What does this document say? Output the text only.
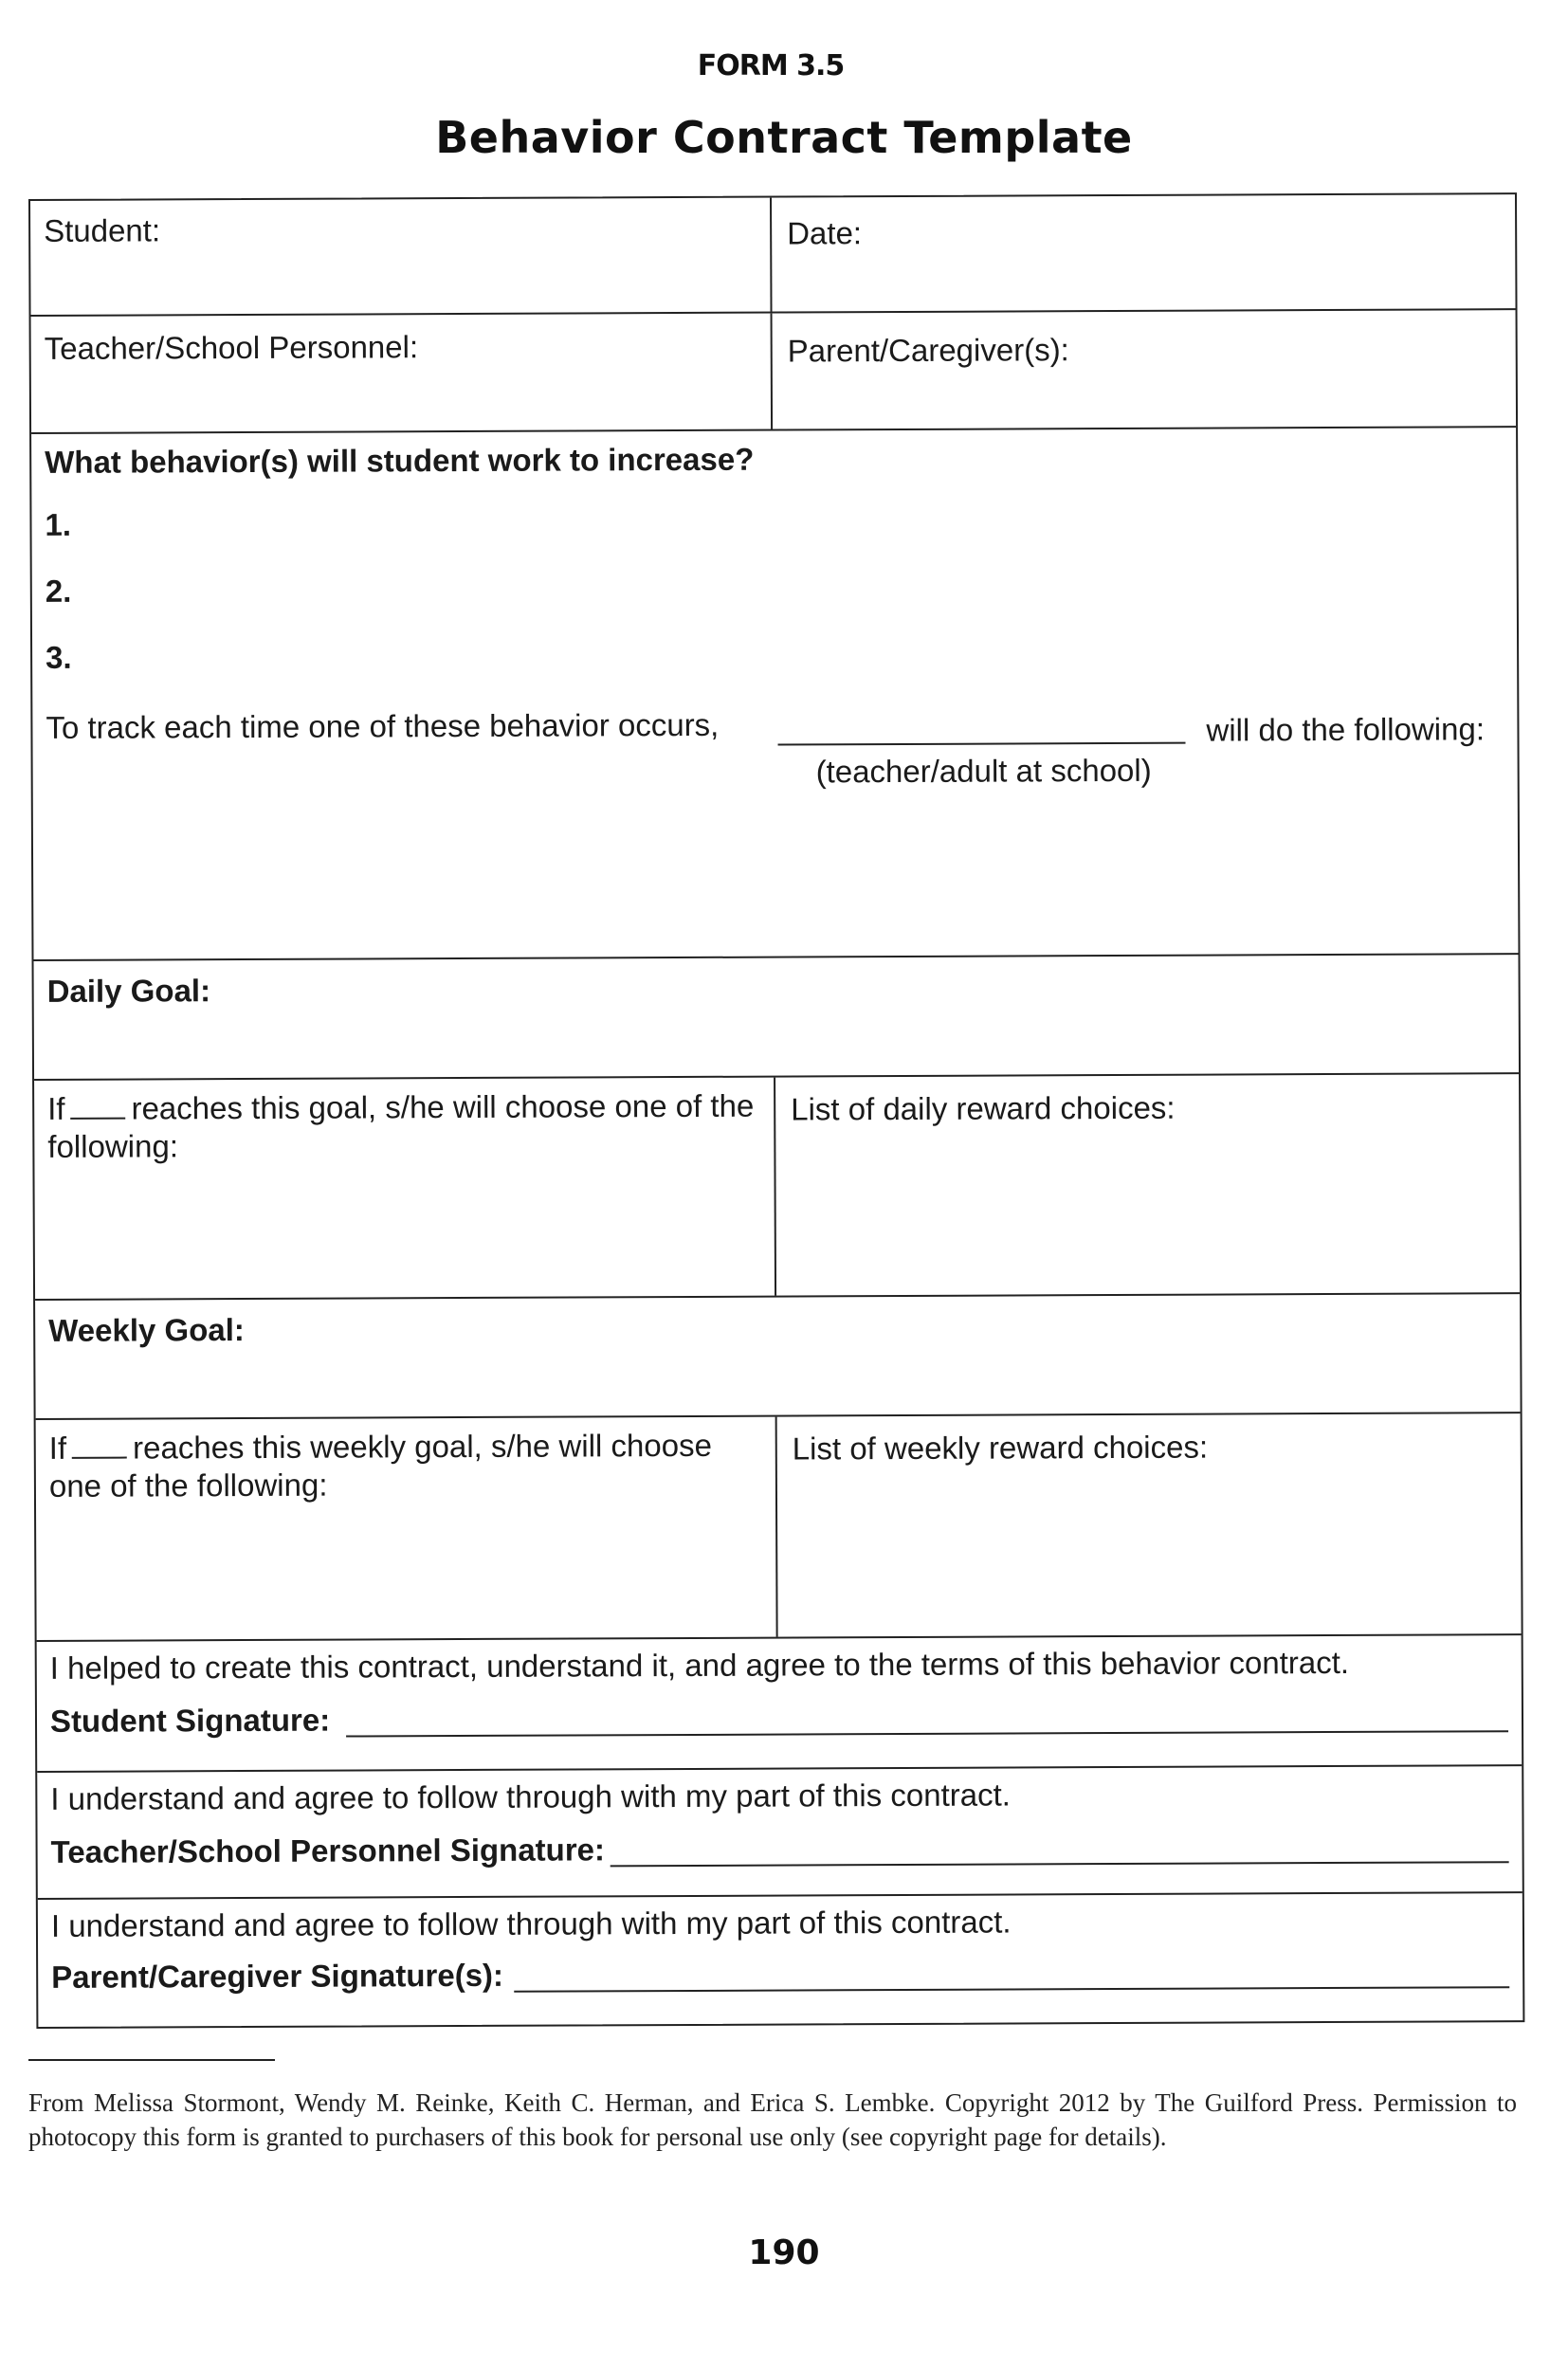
FORM 3.5
Behavior Contract Template
Student:	Date:
Teacher/School Personnel:	Parent/Caregiver(s):
What behavior(s) will student work to increase?
1.
2.
3.
To track each time one of these behavior occurs,	will do the following:
(teacher/adult at school)
Daily Goal:
If reaches this goal, s/he will choose one of the following:
List of daily reward choices:
Weekly Goal:
If reaches this weekly goal, s/he will choose one of the following:
List of weekly reward choices:
I helped to create this contract, understand it, and agree to the terms of this behavior contract.
Student Signature:
I understand and agree to follow through with my part of this contract.
Teacher/School Personnel Signature:
I understand and agree to follow through with my part of this contract.
Parent/Caregiver Signature(s):
From Melissa Stormont, Wendy M. Reinke, Keith C. Herman, and Erica S. Lembke. Copyright 2012 by The Guilford Press. Permission to photocopy this form is granted to purchasers of this book for personal use only (see copyright page for details).
190
